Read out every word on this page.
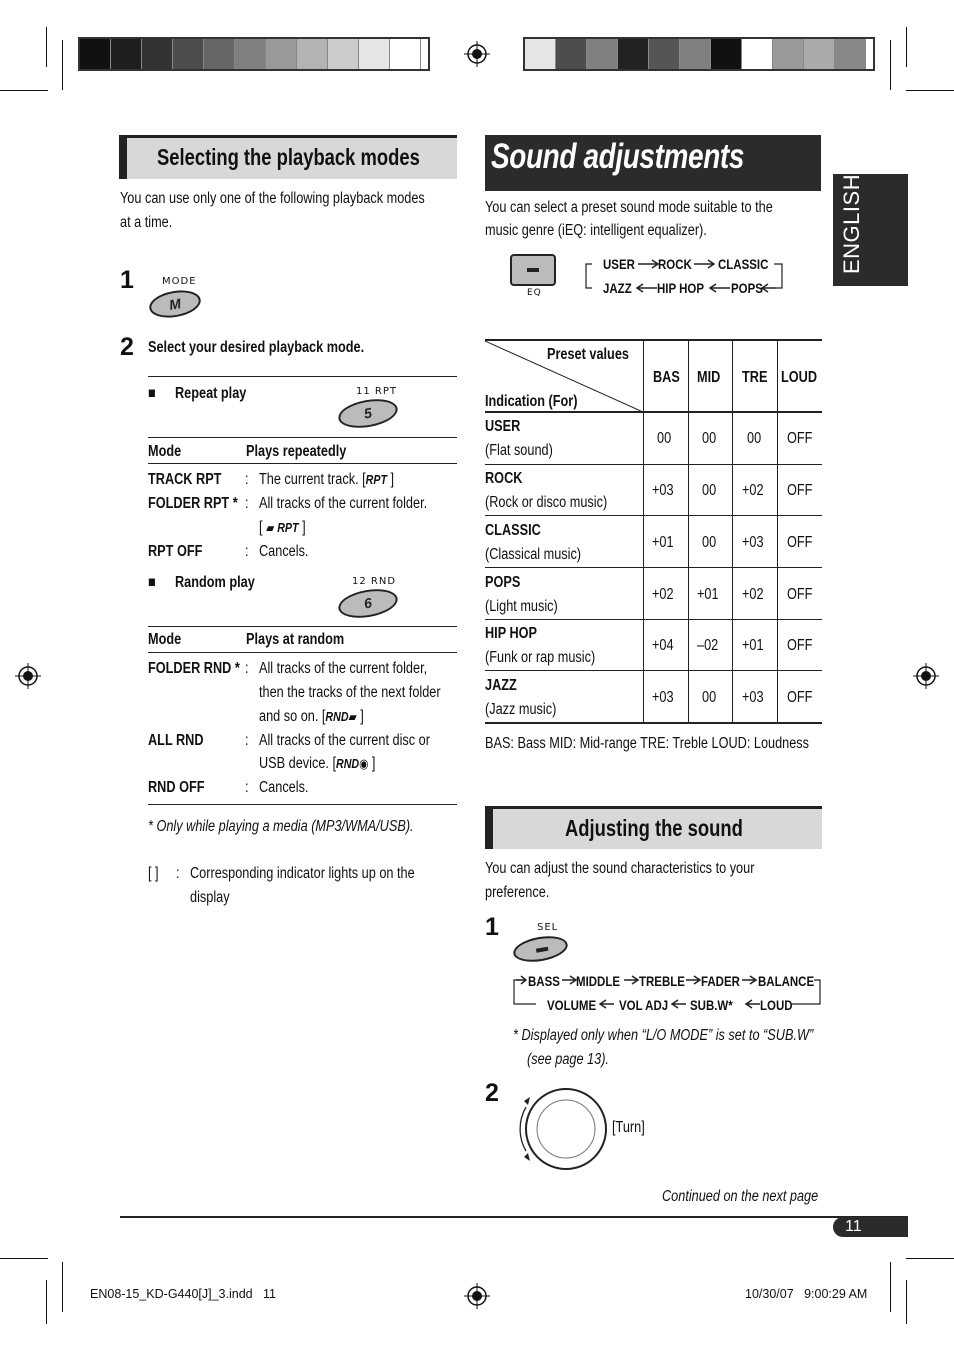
ENGLISH
Selecting the playback modes
You can use only one of the following playback modes
at a time.
1	MODE
M
2 Select your desired playback mode.
■ Repeat play	11 RPT
5
Mode	Plays repeatedly
TRACK RPT : The current track. [RPT ]
FOLDER RPT * : All tracks of the current folder.
[ ▰ RPT ]
RPT OFF	: Cancels.
■ Random play	12 RND
6
Mode	Plays at random
FOLDER RND * : All tracks of the current folder,
then the tracks of the next folder
and so on. [RND▰ ]
ALL RND	: All tracks of the current disc or
USB device. [RND◉ ]
RND OFF	: Cancels.
* Only while playing a media (MP3/WMA/USB).
[ ] : Corresponding indicator lights up on the
display
Sound adjustments
You can select a preset sound mode suitable to the
music genre (iEQ: intelligent equalizer).
EQ
USER ROCK CLASSIC
JAZZ HIP HOP POPS
Preset values
Indication (For)
BAS MID TRE LOUD
USER
(Flat sound)
00 00 00 OFF
ROCK
(Rock or disco music)
+03 00 +02 OFF
CLASSIC
(Classical music)
+01 00 +03 OFF
POPS
(Light music)
+02 +01 +02 OFF
HIP HOP
(Funk or rap music)
+04 –02 +01 OFF
JAZZ
(Jazz music)
+03 00 +03 OFF
BAS: Bass MID: Mid-range TRE: Treble LOUD: Loudness
Adjusting the sound
You can adjust the sound characteristics to your
preference.
1	SEL
BASS MIDDLE TREBLE FADER BALANCE
VOLUME VOL ADJ SUB.W* LOUD
* Displayed only when “L/O MODE” is set to “SUB.W”
(see page 13).
2
[Turn]
Continued on the next page
11
EN08-15_KD-G440[J]_3.indd   11	10/30/07   9:00:29 AM
